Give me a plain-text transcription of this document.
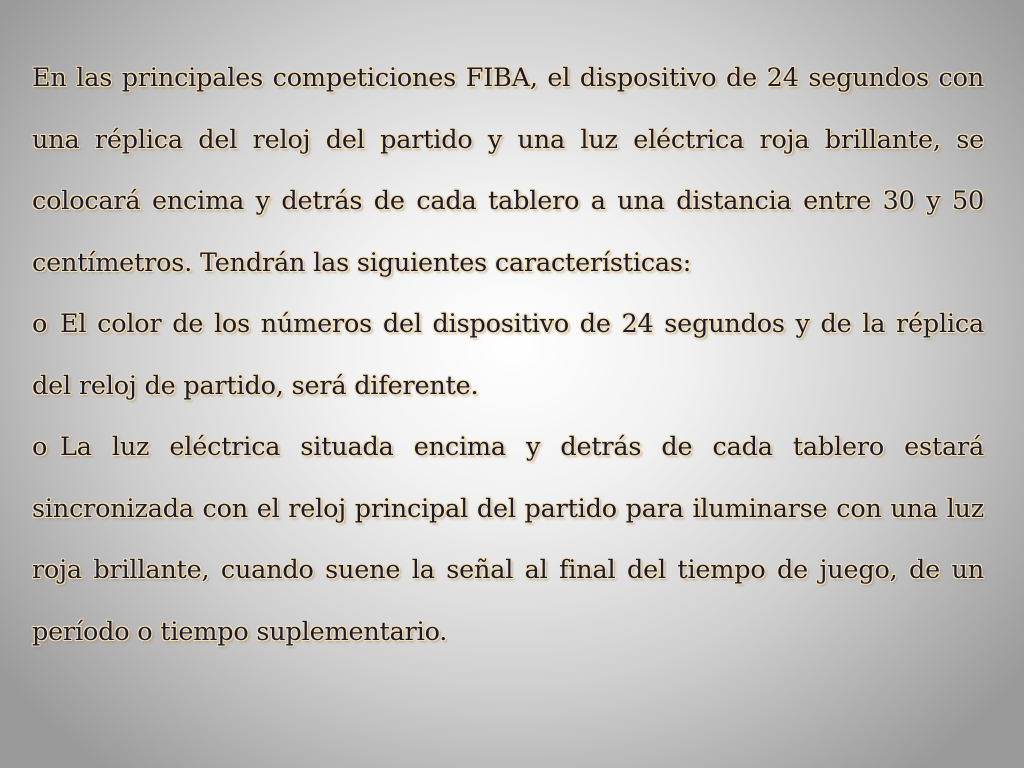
En las principales competiciones FIBA, el dispositivo de 24 segundos con una réplica del reloj del partido y una luz eléctrica roja brillante, se colocará encima y detrás de cada tablero a una distancia entre 30 y 50 centímetros. Tendrán las siguientes características:

o El color de los números del dispositivo de 24 segundos y de la réplica del reloj de partido, será diferente.

o La luz eléctrica situada encima y detrás de cada tablero estará sincronizada con el reloj principal del partido para iluminarse con una luz roja brillante, cuando suene la señal al final del tiempo de juego, de un período o tiempo suplementario.
